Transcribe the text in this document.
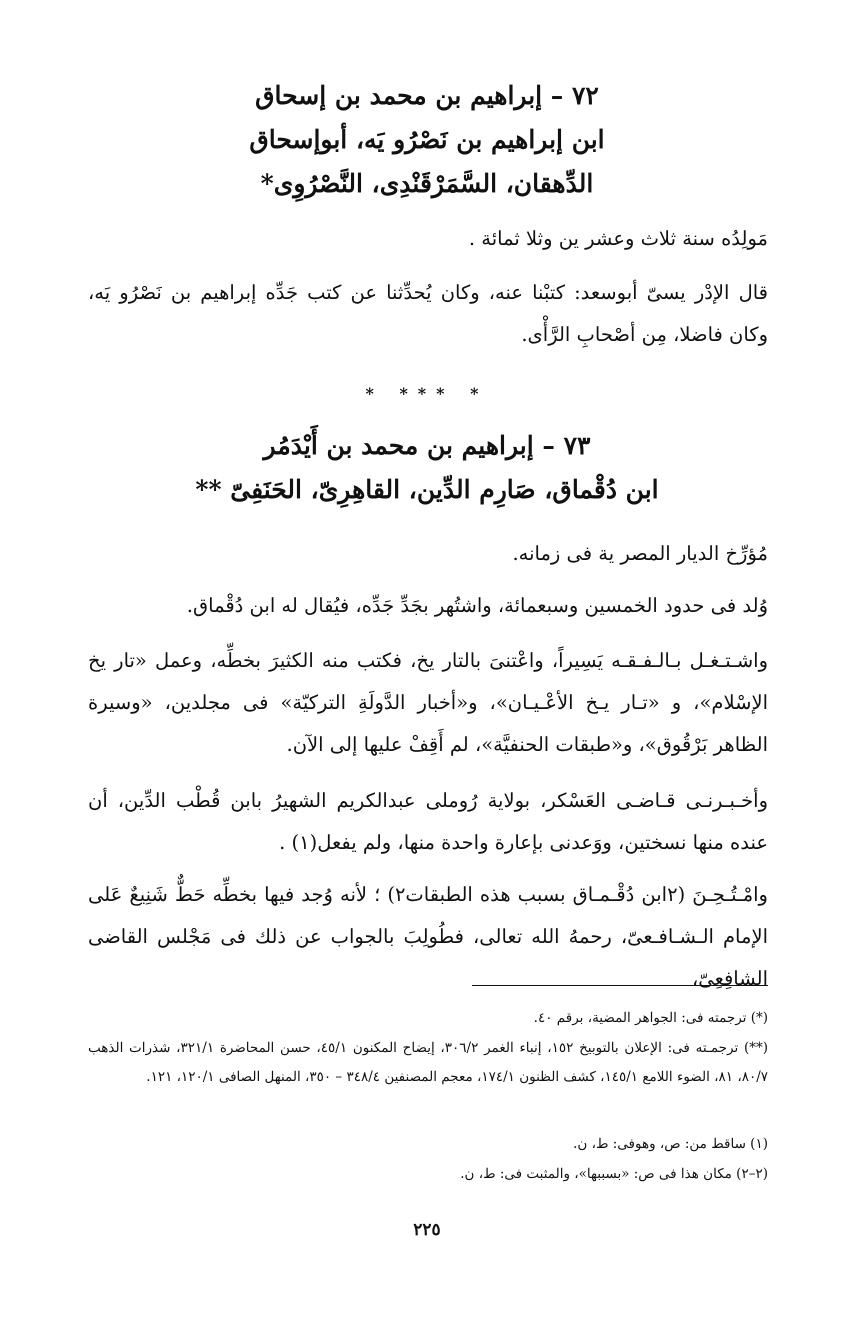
٧٢ – إبراهيم بن محمد بن إسحاق
ابن إبراهيم بن نَصْرُو يَه، أبوإسحاق
الدِّهقان، السَّمَرْقَنْدِى، النَّصْرُوِى*
مَولِدُه سنة ثلاث وعشر ين وثلا ثمائة .
قال الإدْر يسىّ أبوسعد: كتبْنا عنه، وكان يُحدِّثنا عن كتب جَدِّه إبراهيم بن نَصْرُو يَه، وكان فاضلا، مِن أصْحابِ الرَّأْى.
* *** *
٧٣ – إبراهيم بن محمد بن أَيْدَمُر
ابن دُقْماق، صَارِم الدِّين، القاهِرِىّ، الحَنَفِىّ **
مُؤرِّخ الديار المصر ية فى زمانه.
وُلد فى حدود الخمسين وسبعمائة، واشتُهر بجَدِّ جَدِّه، فيُقال له ابن دُقْماق.
واشـتـغـل بـالـفـقـه يَسِيراً، واعْتنىَ بالتار يخ، فكتب منه الكثيرَ بخطِّه، وعمل «تار يخ الإسْلام»، و «تـار يـخ الأعْـيـان»، و«أخبار الدَّولَةِ التركيّة» فى مجلدين، «وسيرة الظاهر بَرْقُوق»، و«طبقات الحنفيَّة»، لم أَقِفْ عليها إلى الآن.
وأخـبـرنـى قـاضـى العَسْكر، بولاية رُوملى عبدالكريم الشهيرُ بابن قُطْب الدِّين، أن عنده منها نسختين، ووَعدنى بإعارة واحدة منها، ولم يفعل(١) .
وامْـتُـحِـنَ (٢ابن دُقْـمـاق بسبب هذه الطبقات٢) ؛ لأنه وُجد فيها بخطِّه حَطٌّ شَنِيعٌ عَلى الإمام الـشـافـعىّ، رحمهُ الله تعالى، فطُولِبَ بالجواب عن ذلك فى مَجْلس القاضى الشافِعِىّ،
(*) ترجمته فى: الجواهر المضية، برقم ٤٠.
(**) ترجمـته فى: الإعلان بالتوبيخ ١٥٢، إنباء الغمر ٣٠٦/٢، إيضاح المكنون ٤٥/١، حسن المحاضرة ٣٢١/١، شذرات الذهب ٨٠/٧، ٨١، الضوء اللامع ١٤٥/١، كشف الظنون ١٧٤/١، معجم المصنفين ٣٤٨/٤ – ٣٥٠، المنهل الصافى ١٢٠/١، ١٢١.
(١) ساقط من: ص، وهوفى: ط، ن.
(٢–٢) مكان هذا فى ص: «بسببها»، والمثبت فى: ط، ن.
٢٢٥
